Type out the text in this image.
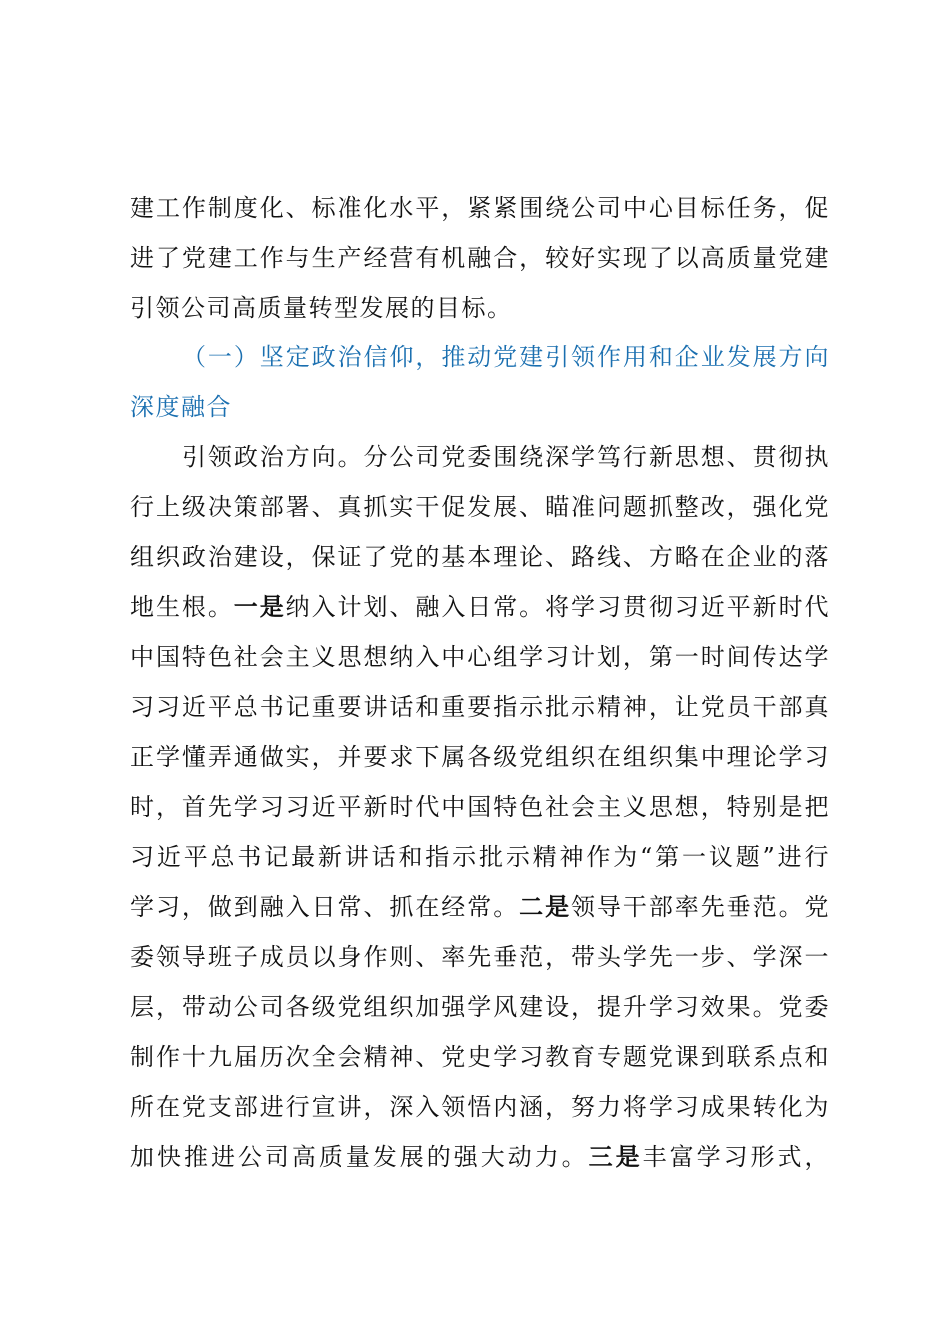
建工作制度化、标准化水平，紧紧围绕公司中心目标任务，促
进了党建工作与生产经营有机融合，较好实现了以高质量党建
引领公司高质量转型发展的目标。
（一）坚定政治信仰，推动党建引领作用和企业发展方向
深度融合
引领政治方向。分公司党委围绕深学笃行新思想、贯彻执
行上级决策部署、真抓实干促发展、瞄准问题抓整改，强化党
组织政治建设，保证了党的基本理论、路线、方略在企业的落
地生根。一是纳入计划、融入日常。将学习贯彻习近平新时代
中国特色社会主义思想纳入中心组学习计划，第一时间传达学
习习近平总书记重要讲话和重要指示批示精神，让党员干部真
正学懂弄通做实，并要求下属各级党组织在组织集中理论学习
时，首先学习习近平新时代中国特色社会主义思想，特别是把
习近平总书记最新讲话和指示批示精神作为“第一议题”进行
学习，做到融入日常、抓在经常。二是领导干部率先垂范。党
委领导班子成员以身作则、率先垂范，带头学先一步、学深一
层，带动公司各级党组织加强学风建设，提升学习效果。党委
制作十九届历次全会精神、党史学习教育专题党课到联系点和
所在党支部进行宣讲，深入领悟内涵，努力将学习成果转化为
加快推进公司高质量发展的强大动力。三是丰富学习形式，
